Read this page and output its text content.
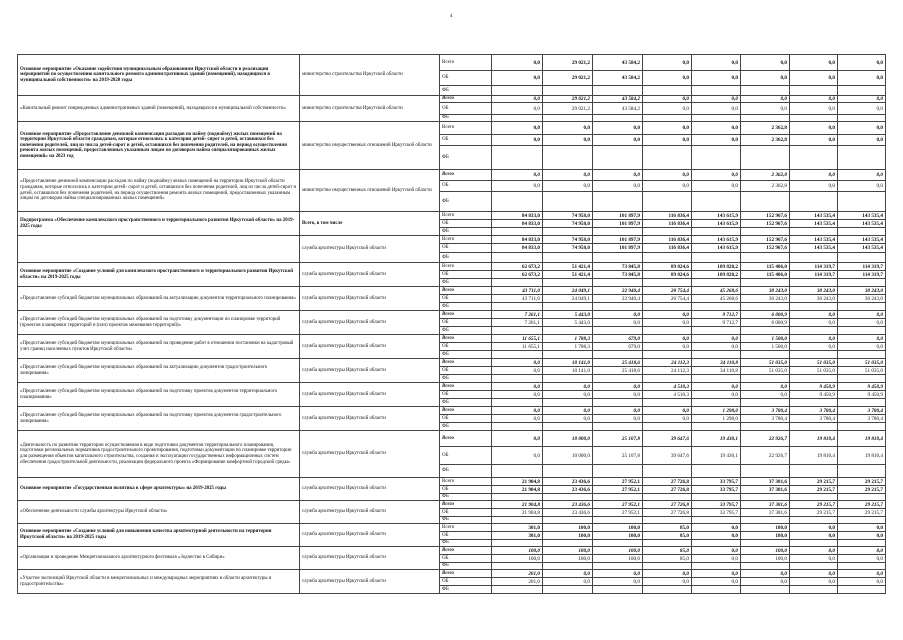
4
Основное мероприятие «Оказание содействия муниципальным образованиям Иркутской области в реализации мероприятий по осуществлению капитального ремонта административных зданий (помещений), находящихся в муниципальной собственности» на 2019-2020 годы	министерство строительства Иркутской области	Всего	0,0	29 021,2	43 584,2	0,0	0,0	0,0	0,0	0,0
		ОБ	0,0	29 021,2	43 584,2	0,0	0,0	0,0	0,0	0,0
		ФБ								
«Капитальный ремонт поврежденных административных зданий (помещений), находящихся в муниципальной собственности»	министерство строительства Иркутской области	Всего	0,0	29 021,2	43 584,2	0,0	0,0	0,0	0,0	0,0
		ОБ	0,0	29 021,2	43 584,2	0,0	0,0	0,0	0,0	0,0
		ФБ								
Основное мероприятие «Предоставление денежной компенсации расходов по найму (поднайму) жилых помещений на территории Иркутской области гражданам, которые относились к категории детей- сирот и детей, оставшихся без попечения родителей, лиц из числа детей-сирот и детей, оставшихся без попечения родителей, на период осуществления ремонта жилых помещений, предоставленных указанным лицам по договорам найма специализированных жилых помещений» на 2023 год	министерство имущественных отношений Иркутской области	Всего	0,0	0,0	0,0	0,0	0,0	2 362,8	0,0	0,0
		ОБ	0,0	0,0	0,0	0,0	0,0	2 362,8	0,0	0,0
		ФБ								
«Предоставление денежной компенсации расходов по найму (поднайму) жилых помещений на территории Иркутской области гражданам, которые относились к категории детей- сирот и детей, оставшихся без попечения родителей, лиц из числа детей-сирот и детей, оставшихся без попечения родителей, на период осуществления ремонта жилых помещений, предоставленных указанным лицам по договорам найма специализированных жилых помещений»	министерство имущественных отношений Иркутской области	Всего	0,0	0,0	0,0	0,0	0,0	2 362,8	0,0	0,0
		ОБ	0,0	0,0	0,0	0,0	0,0	2 362,8	0,0	0,0
		ФБ								
Подпрограмма «Обеспечение комплексного пространственного и территориального развития Иркутской области» на 2019-2025 годы	Всего, в том числе	Всего	84 833,0	74 958,0	101 897,9	116 836,4	143 615,9	152 967,6	143 535,4	143 535,4
		ОБ	84 833,0	74 958,0	101 897,9	116 836,4	143 615,9	152 967,6	143 535,4	143 535,4
		ФБ								
	служба архитектуры Иркутской области	Всего	84 833,0	74 958,0	101 897,9	116 836,4	143 615,9	152 967,6	143 535,4	143 535,4
		ОБ	84 833,0	74 958,0	101 897,9	116 836,4	143 615,9	152 967,6	143 535,4	143 535,4
		ФБ								
Основное мероприятие «Создание условий для комплексного пространственного и территориального развития Иркутской области» на 2019-2025 годы	служба архитектуры Иркутской области	Всего	62 673,2	51 421,4	73 845,8	89 024,6	109 820,2	115 406,0	114 319,7	114 319,7
		ОБ	62 673,2	51 421,4	73 845,8	89 024,6	109 820,2	115 406,0	114 319,7	114 319,7
		ФБ								
«Предоставление субсидий бюджетам муниципальных образований на актуализацию документов территориального планирования»	служба архитектуры Иркутской области	Всего	43 711,0	24 049,1	22 940,4	20 754,4	45 268,6	30 243,0	30 243,0	30 243,0
		ОБ	43 711,0	24 049,1	22 940,4	20 754,4	45 268,6	30 243,0	30 243,0	30 243,0
		ФБ								
«Предоставление субсидий бюджетам муниципальных образований на подготовку документации по планировке территорий (проектов планировки территорий и (или) проектов межевания территорий)»	служба архитектуры Иркутской области	Всего	7 261,1	5 443,0	0,0	0,0	9 712,7	6 000,9	0,0	0,0
		ОБ	7 261,1	5 443,0	0,0	0,0	9 712,7	6 000,9	0,0	0,0
		ФБ								
«Предоставление субсидий бюджетам муниципальных образований на проведение работ в отношении постановки на кадастровый учет границ населенных пунктов Иркутской области»	служба архитектуры Иркутской области	Всего	11 655,1	1 788,3	679,0	0,0	0,0	1 500,0	0,0	0,0
		ОБ	11 655,1	1 788,3	679,0	0,0	0,0	1 500,0	0,0	0,0
		ФБ								
«Предоставление субсидий бюджетам муниципальных образований на актуализацию документов градостроительного зонирования»	служба архитектуры Иркутской области	Всего	0,0	10 141,0	25 418,6	24 112,3	34 110,8	51 035,0	51 035,0	51 035,0
		ОБ	0,0	10 141,0	25 418,6	24 112,3	34 110,8	51 035,0	51 035,0	51 035,0
		ФБ								
«Предоставление субсидий бюджетам муниципальных образований на подготовку проектов документов территориального планирования»	служба архитектуры Иркутской области	Всего	0,0	0,0	0,0	4 510,3	0,0	0,0	9 450,9	9 450,9
		ОБ	0,0	0,0	0,0	4 510,3	0,0	0,0	9 450,9	9 450,9
		ФБ								
«Предоставление субсидий бюджетам муниципальных образований на подготовку проектов документов градостроительного зонирования»	служба архитектуры Иркутской области	Всего	0,0	0,0	0,0	0,0	1 298,0	3 780,4	3 780,4	3 780,4
		ОБ	0,0	0,0	0,0	0,0	1 298,0	3 780,4	3 780,4	3 780,4
		ФБ								
«Деятельность по развитию территории осуществляемая в виде подготовки документов территориального планирования, подготовки региональных нормативов градостроительного проектирования, подготовки документации по планировке территории для размещения объектов капитального строительства, создания и эксплуатации государственных информационных систем обеспечения градостроительной деятельности, реализации федерального проекта «Формирование комфортной городской среды»	служба архитектуры Иркутской области	Всего	0,0	10 000,0	25 107,8	39 647,6	19 430,1	22 926,7	19 810,4	19 810,4
		ОБ	0,0	10 000,0	25 107,8	39 647,6	19 430,1	22 926,7	19 810,4	19 810,4
		ФБ								
Основное мероприятие «Государственная политика в сфере архитектуры» на 2019-2025 годы	служба архитектуры Иркутской области	Всего	21 904,8	23 436,6	27 952,1	27 726,8	33 795,7	37 381,6	29 215,7	29 215,7
		ОБ	21 904,8	23 436,6	27 952,1	27 726,8	33 795,7	37 381,6	29 215,7	29 215,7
		ФБ								
«Обеспечение деятельности службы архитектуры Иркутской области»	служба архитектуры Иркутской области	Всего	21 904,8	23 436,6	27 952,1	27 726,8	33 795,7	37 381,6	29 215,7	29 215,7
		ОБ	21 904,8	23 436,6	27 952,1	27 726,8	33 795,7	37 381,6	29 215,7	29 215,7
		ФБ								
Основное мероприятие «Создание условий для повышения качества архитектурной деятельности на территории Иркутской области» на 2019-2025 годы	служба архитектуры Иркутской области	Всего	301,0	100,0	100,0	85,0	0,0	180,0	0,0	0,0
		ОБ	301,0	100,0	100,0	85,0	0,0	180,0	0,0	0,0
		ФБ								
«Организация и проведение Межрегионального архитектурного фестиваля «Зодчество в Сибири»	служба архитектуры Иркутской области	Всего	100,0	100,0	100,0	85,0	0,0	100,0	0,0	0,0
		ОБ	100,0	100,0	100,0	85,0	0,0	100,0	0,0	0,0
		ФБ								
«Участие экспозиций Иркутской области в межрегиональных и международных мероприятиях в области архитектуры и градостроительства»	служба архитектуры Иркутской области	Всего	201,0	0,0	0,0	0,0	0,0	0,0	0,0	0,0
		ОБ	201,0	0,0	0,0	0,0	0,0	0,0	0,0	0,0
		ФБ								
